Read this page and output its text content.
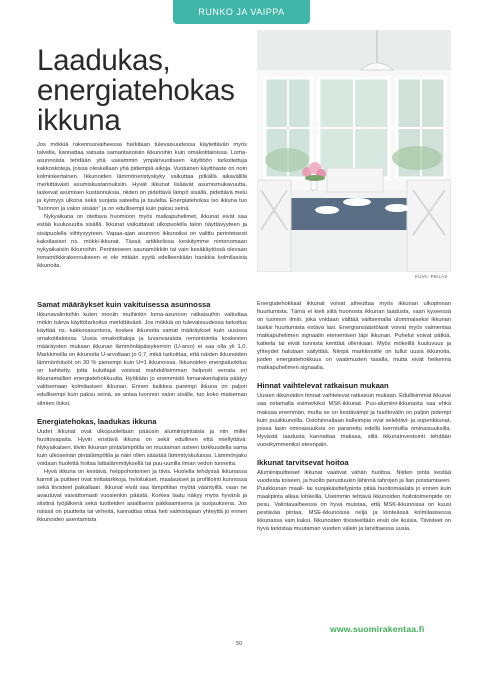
RUNKO JA VAIPPA
Laadukas,
energiatehokas
ikkuna

Jos mökkiä rakennusvaiheessa harkitaan tulevaisuudessa käytettävän myös talvella, kannattaa satsata samantasoisiin ikkunoihin kuin omakotitaloissa. Loma-asunnoista tehdään yhä useammin ympärivuotiseen käyttöön tarkoitettuja kakkoskoteja, joissa oleskellaan yhä pidempiä aikoja. Vuotuinen käyttöaste on noin kolminkertainen. Ikkunoiden lämmöneristyskyky vaikuttaa pitkällä aikavälillä merkittävästi asumiskustannuksiin. Hyvät ikkunat lisäävät asumismukavuutta, laskevat asumisen kustannuksia, niiden on pidettävä lämpö sisällä, pidettävä melu ja kylmyys ulkona sekä suojata sateelta ja tuulelta. Energiatehokas iso ikkuna tuo "luonnon ja valon sisään" ja on edullisempi kuin paksu seinä.

Nykyaikana on otettava huomioon myös matkapuhelimet, ikkunat eivät saa estää kuuluvuutta sisällä. Ikkunat vaikuttavat ulkopuolella talon näyttävyyteen ja sisäpuolella viihtyvyyteen. Vapaa-ajan asunnon ikkunoiksi on valittu perinteisesti kaksilasiset ns. mökki-ikkunat. Tässä artikkelissa keskitymme nimenomaan nykyaikaisiin ikkunoihin. Perinteiseen saunamökkiin tai vain kesäkäytössä olevaan lomamökkirakennukseen ei ole mitään syytä edelleenkään hankkia kolmilasisia ikkunoita.

KUVA: PIKLAS
Samat määräykset kuin vakituisessa asunnossa

Ikkunavalintoihin kuten moniin muihinkin loma-asunnon ratkaisuihin vaikuttaa mökin tuleva käyttötarkoitus merkittävästi. Jos mökkiä on tulevaisuudessa tarkoitus käyttää ns. kakkosasuntona, koskee ikkunoita samat määräykset kuin uusissa omakotitaloissa. Uusia omakotitaloja ja luvanvaraista remontointia koskevien määräysten mukaan ikkunan lämmönläpäisykerroin (U-arvo) ei saa olla yli 1,0. Markkinoilla on ikkunoita U-arvoltaan jo 0,7, mikä tarkoittaa, että näiden ikkunoiden lämmönhäviöt on 30 % pienempi kuin U=1 ikkunoissa. Ikkunoiden energialuokitus on kehitetty, jotta kuluttajat voisivat mahdollisimman helposti verrata eri ikkunamallien energiatehokkuutta. Hyökään jo enemmistö lomarakentajista päätyy valitsemaan kolmilasisen ikkunan. Ennen kaikkea parempi ikkuna on paljon edullisempi kuin paksu seinä, se antaa luonnon valon sisälle, tuo koko maiseman silmien iloksi.

Energiatehokas, laadukas ikkuna

Uudet ikkunat ovat ulkopuoleltaan pääosin alumiinipintaisia ja niin miltei huoltovapaita. Hyvin eristävä ikkuna on sekä edullinen että miellyttävä. Nykyaikaisen, tiiviin ikkunan pintalämpötila on muutaman asteen tarkkuudella sama kuin ulkoseinän pintalämpötila ja näin ollen säästää lämmityskuluissa. Lämmönjako voidaan huolettä hoitaa lattialämmityksellä tai puu-uunilla ilman vedon tunnetta.

Hyvä ikkuna on kestävä, helppohoitoinen ja tiivis. Huolella tehdyssä ikkunassa karmit ja puitteet ovat mittatarkkoja, heloitukset, maalaukset ja profiilointi kunnossa sekä tiivisteet paikallaan. Ikkunat eivät saa lämpötilan myötä vääntyillä, vaan ne avautuvat vaivattomasti vuosienkin päästä. Korkea laatu näkyy myös hyvänä ja siistinä työjälkenä sekä tuotteiden asiallisena pakkaamisena ja suojauksena. Jos näissä on puutteita tai virheitä, kannattaa ottaa heti valmistajaan yhteyttä jo ennen ikkunoiden asentamista

Energiatehokkaat ikkunat voivat aiheuttaa myös ikkunan ulkopinnan huurtumista. Tämä ei kieli siitä huonosta ikkunan laadusta, vaan kyseessä on luonnon ilmiö, joka voidaan välttää valitsemalla ulommaiseksi ikkunan lasiksi huurtumista estävä lasi. Energiansäästölasit voivat myös vaimentaa matkapuhelimen signaalin etenemisen läpi ikkunan. Puhelut voivat pätkiä, katketa tai eivät tunnista kenttää ollenkaan. Myös mökeillä kuuluvuus ja yhteydet halutaan säilyttää. Niinpä markkinoille on tullut uusia ikkunoita, joiden energiatehokkuus on vaatimusten tasalla, mutta eivät heikennä matkapuhelimen signaalia.

Hinnat vaihtelevat ratkaisun mukaan

Uusien ikkunoiden hinnat vaihtelevat ratkaisun mukaan. Edullisimmat ikkunat saa ostamalla esimerkiksi MSK-ikkunat. Puu-alumiini-ikkunasta saa ehkä maksaa enemmän, mutta se on kestävämpi ja huoltovälin on paljon pidempi kuin puuikkunoilla. Ostohinnaltaan kalleimpia ovat selektiivi- ja superikkunat, joissa lasin ominaisuuksia on paranettu edellä kerrotuilla ominaisuuksilla. Hyvästä laadusta kannattaa maksaa, sillä ikkunainvestointi tehdään vuosikymmeniksi eteenpäin.

Ikkunat tarvitsevat hoitoa

Alumiinipuitteiset ikkunat vaativat vähän huoltoa. Niiden pinta kestää vuodesta toiseen, ja huolto perustuukin lähinnä tahrojen ja lian poistamiseen. Puuikkunan maali- tai suojakäsittelypinta pitää huoltomaalata jo ennen kuin maalipinta alkaa lohkeilla. Useimmin tehtävä ikkunoiden hoitotoimenpide on pesu. Valintavaiheessa on hyvä muistaa, että MSK-ikkunoissa on kuusi pestävää pintaa, MSE-ikkunoissa neljä ja kiinteässä kolmilasisessa ikkunassa vain kaksi. Ikkunoiden tiivisteeltään eivät ole ikuisia. Tiivisteet on hyvä tarkistaa muutaman vuoden välein ja tarvittaessa uusia.

www.suomirakentaa.fi
50
